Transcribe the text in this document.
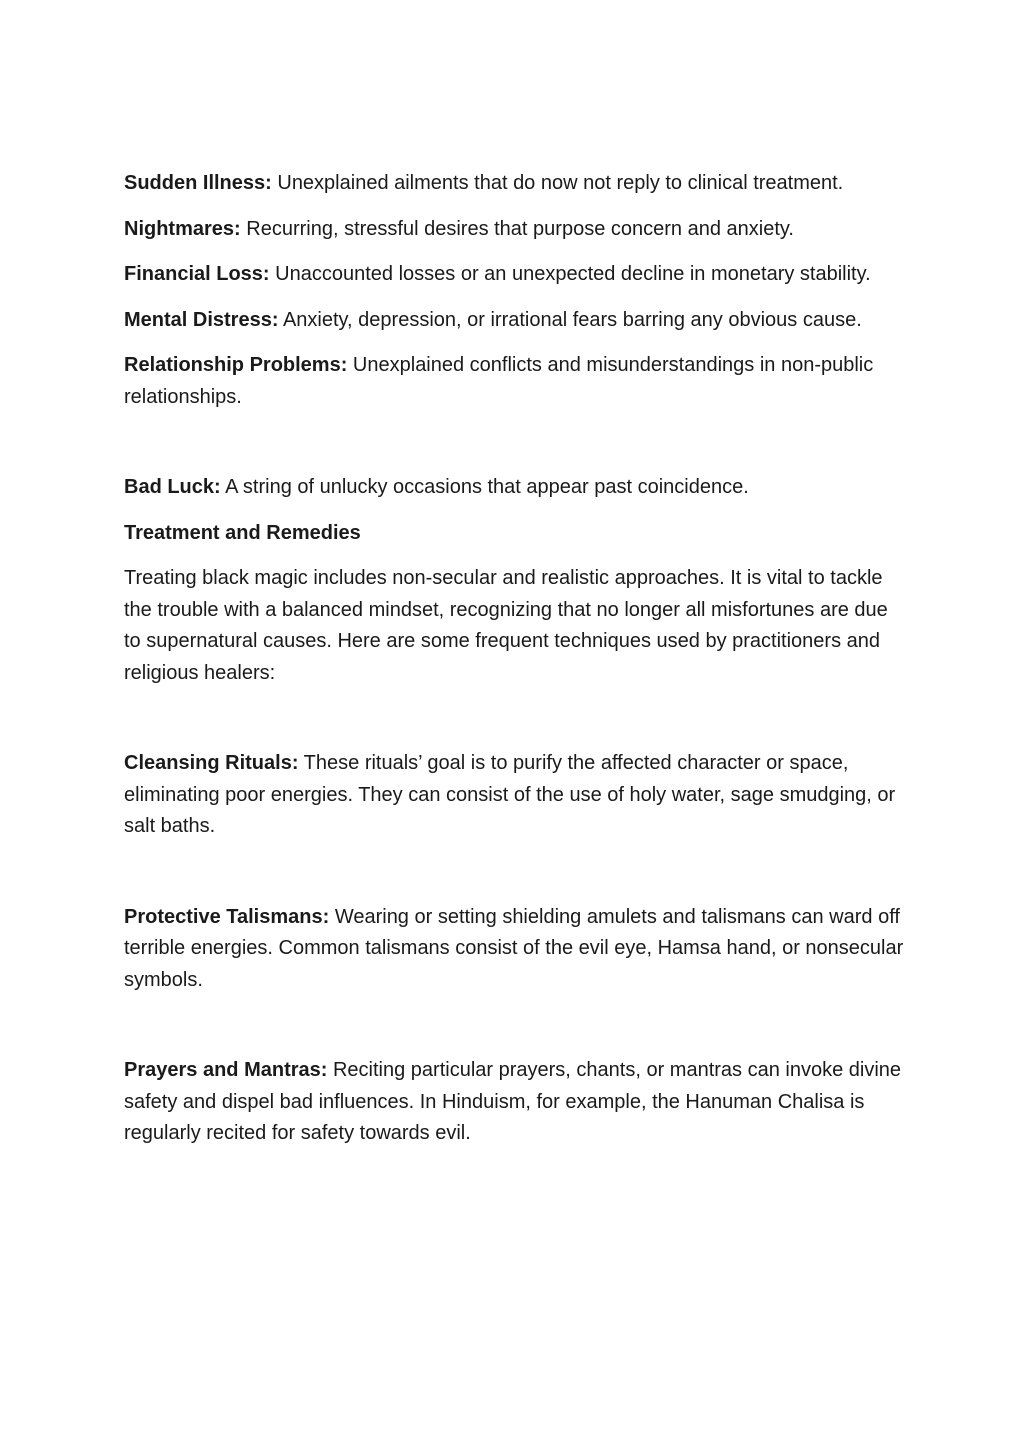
Sudden Illness: Unexplained ailments that do now not reply to clinical treatment.

Nightmares: Recurring, stressful desires that purpose concern and anxiety.

Financial Loss: Unaccounted losses or an unexpected decline in monetary stability.

Mental Distress: Anxiety, depression, or irrational fears barring any obvious cause.

Relationship Problems: Unexplained conflicts and misunderstandings in non-public relationships.

Bad Luck: A string of unlucky occasions that appear past coincidence.

Treatment and Remedies

Treating black magic includes non-secular and realistic approaches. It is vital to tackle the trouble with a balanced mindset, recognizing that no longer all misfortunes are due to supernatural causes. Here are some frequent techniques used by practitioners and religious healers:

Cleansing Rituals: These rituals’ goal is to purify the affected character or space, eliminating poor energies. They can consist of the use of holy water, sage smudging, or salt baths.

Protective Talismans: Wearing or setting shielding amulets and talismans can ward off terrible energies. Common talismans consist of the evil eye, Hamsa hand, or nonsecular symbols.

Prayers and Mantras: Reciting particular prayers, chants, or mantras can invoke divine safety and dispel bad influences. In Hinduism, for example, the Hanuman Chalisa is regularly recited for safety towards evil.
